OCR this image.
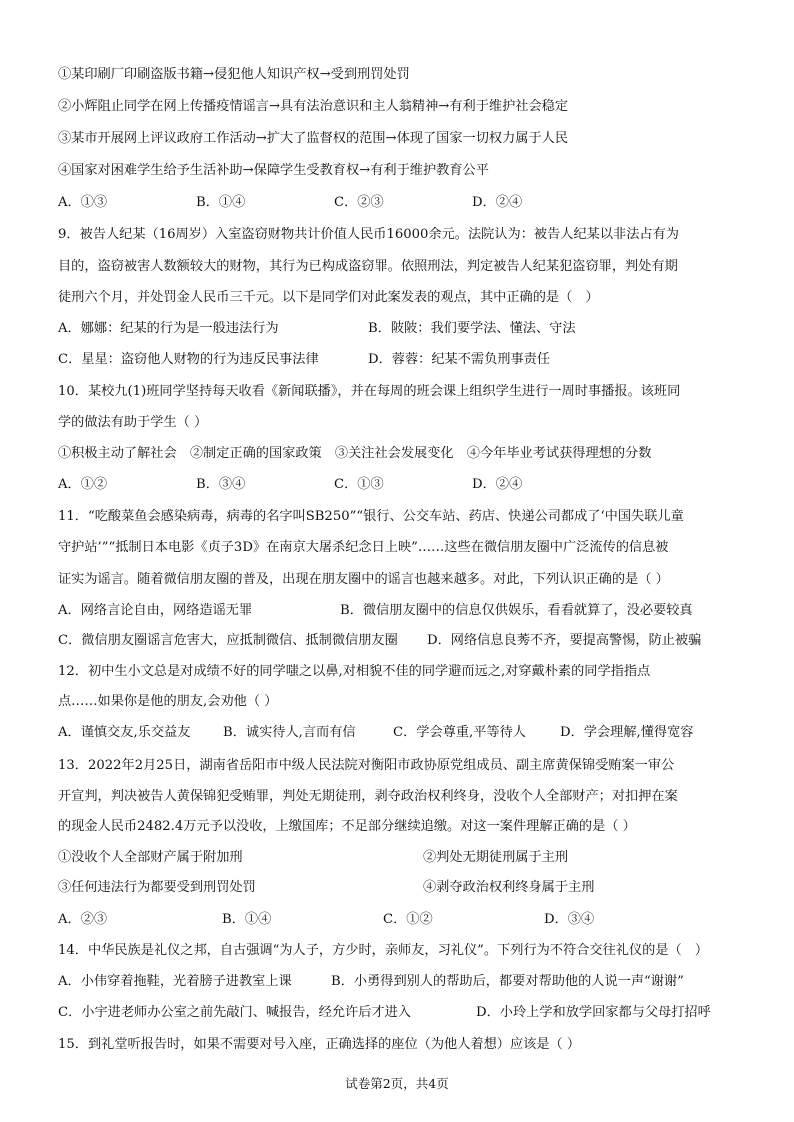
①某印刷厂印刷盗版书籍→侵犯他人知识产权→受到刑罚处罚
②小辉阻止同学在网上传播疫情谣言→具有法治意识和主人翁精神→有利于维护社会稳定
③某市开展网上评议政府工作活动→扩大了监督权的范围→体现了国家一切权力属于人民
④国家对困难学生给予生活补助→保障学生受教育权→有利于维护教育公平
A．①③	B．①④	C．②③	D．②④
9．被告人纪某（16周岁）入室盗窃财物共计价值人民币16000余元。法院认为：被告人纪某以非法占有为
目的，盗窃被害人数额较大的财物，其行为已构成盗窃罪。依照刑法，判定被告人纪某犯盗窃罪，判处有期
徒刑六个月，并处罚金人民币三千元。以下是同学们对此案发表的观点，其中正确的是（　）
A．娜娜：纪某的行为是一般违法行为	B．陂陂：我们要学法、懂法、守法
C．星星：盗窃他人财物的行为违反民事法律	D．蓉蓉：纪某不需负刑事责任
10．某校九(1)班同学坚持每天收看《新闻联播》，并在每周的班会课上组织学生进行一周时事播报。该班同
学的做法有助于学生（ ）
①积极主动了解社会　②制定正确的国家政策　③关注社会发展变化　④今年毕业考试获得理想的分数
A．①②	B．③④	C．①③	D．②④
11．“吃酸菜鱼会感染病毒，病毒的名字叫SB250”“银行、公交车站、药店、快递公司都成了‘中国失联儿童
守护站’”“抵制日本电影《贞子3D》在南京大屠杀纪念日上映”……这些在微信朋友圈中广泛流传的信息被
证实为谣言。随着微信朋友圈的普及，出现在朋友圈中的谣言也越来越多。对此，下列认识正确的是（ ）
A．网络言论自由，网络造谣无罪	B．微信朋友圈中的信息仅供娱乐，看看就算了，没必要较真
C．微信朋友圈谣言危害大，应抵制微信、抵制微信朋友圈 D．网络信息良莠不齐，要提高警惕，防止被骗
12．初中生小文总是对成绩不好的同学嗤之以鼻,对相貌不佳的同学避而远之,对穿戴朴素的同学指指点
点……如果你是他的朋友,会劝他（ ）
A．谨慎交友,乐交益友 B．诚实待人,言而有信	C．学会尊重,平等待人	D．学会理解,懂得宽容
13．2022年2月25日，湖南省岳阳市中级人民法院对衡阳市政协原党组成员、副主席黄保锦受贿案一审公
开宣判，判决被告人黄保锦犯受贿罪，判处无期徒刑，剥夺政治权利终身，没收个人全部财产；对扣押在案
的现金人民币2482.4万元予以没收，上缴国库；不足部分继续追缴。对这一案件理解正确的是（ ）
①没收个人全部财产属于附加刑	②判处无期徒刑属于主刑
③任何违法行为都要受到刑罚处罚	④剥夺政治权利终身属于主刑
A．②③	B．①④	C．①②	D．③④
14．中华民族是礼仪之邦，自古强调“为人子，方少时，亲师友，习礼仪”。下列行为不符合交往礼仪的是（　）
A．小伟穿着拖鞋，光着膀子进教室上课	B．小勇得到别人的帮助后，都要对帮助他的人说一声“谢谢”
C．小宇进老师办公室之前先敲门、喊报告，经允许后才进入	D．小玲上学和放学回家都与父母打招呼
15．到礼堂听报告时，如果不需要对号入座，正确选择的座位（为他人着想）应该是（ ）
试卷第2页，共4页
